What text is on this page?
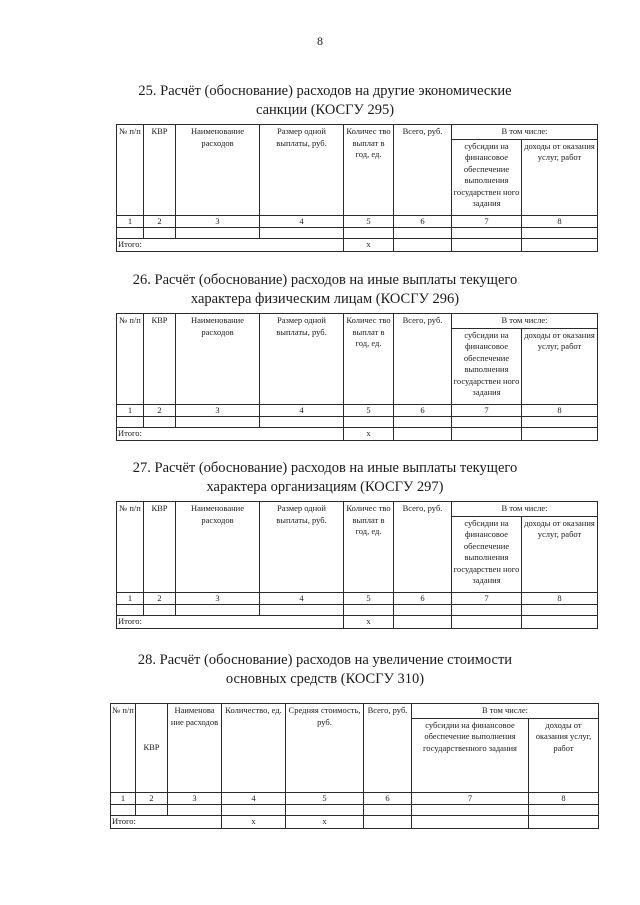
8
25. Расчёт (обоснование) расходов на другие экономические
санкции (КОСГУ 295)
№ п/п	КВР	Наименование расходов	Размер одной выплаты, руб.	Количес тво выплат в год, ед.	Всего, руб.	В том числе:	
						субсидии на финансовое обеспечение выполнения государствен ного задания	доходы от оказания услуг, работ
1	2	3	4	5	6	7	8

Итого:				х			
26. Расчёт (обоснование) расходов на иные выплаты текущего
характера физическим лицам (КОСГУ 296)
№ п/п	КВР	Наименование расходов	Размер одной выплаты, руб.	Количес тво выплат в год, ед.	Всего, руб.	В том числе:	
						субсидии на финансовое обеспечение выполнения государствен ного задания	доходы от оказания услуг, работ
1	2	3	4	5	6	7	8

Итого:				х			
27. Расчёт (обоснование) расходов на иные выплаты текущего
характера организациям (КОСГУ 297)
№ п/п	КВР	Наименование расходов	Размер одной выплаты, руб.	Количес тво выплат в год, ед.	Всего, руб.	В том числе:	
						субсидии на финансовое обеспечение выполнения государствен ного задания	доходы от оказания услуг, работ
1	2	3	4	5	6	7	8

Итого:				х			
28. Расчёт (обоснование) расходов на увеличение стоимости
основных средств (КОСГУ 310)
№ п/п	КВР	Наименова ние расходов	Количество, ед.	Средняя стоимость, руб.	Всего, руб.	В том числе:	
						субсидии на финансовое обеспечение выполнения государственного задания	доходы от оказания услуг, работ
1	2	3	4	5	6	7	8

Итого:			х	х			
